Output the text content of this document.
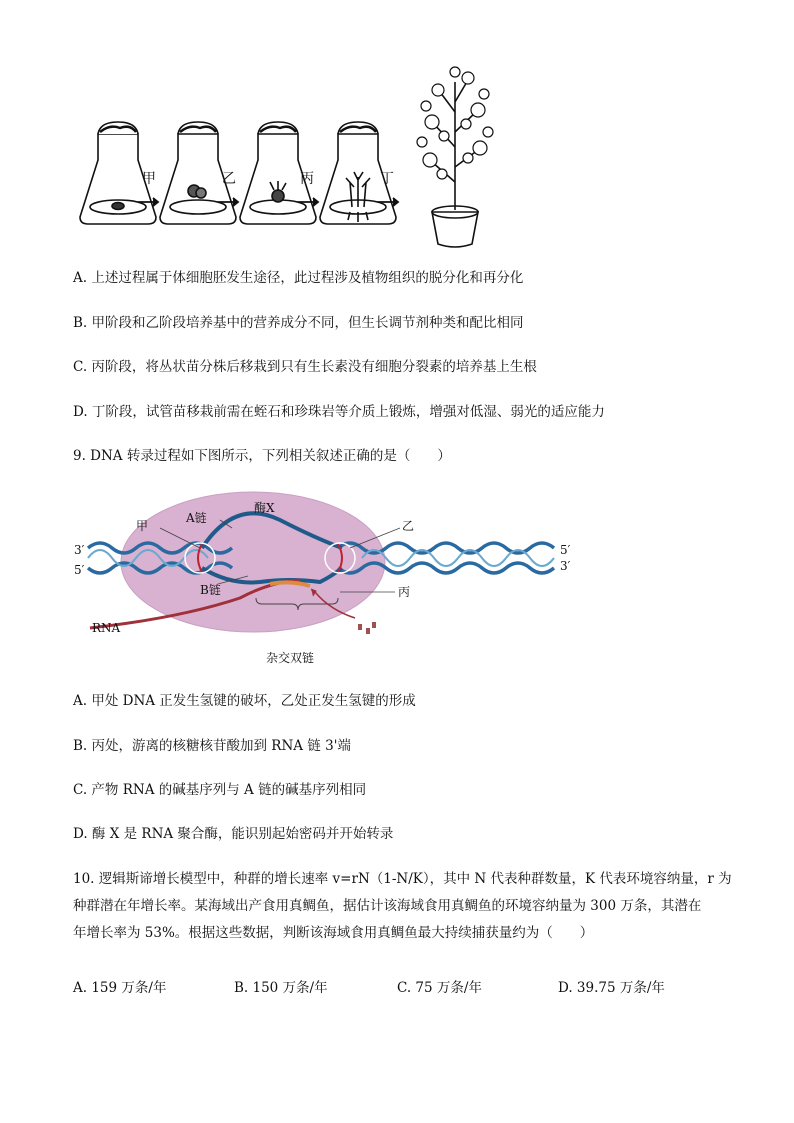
甲	乙	丙	丁
A. 上述过程属于体细胞胚发生途径，此过程涉及植物组织的脱分化和再分化
B. 甲阶段和乙阶段培养基中的营养成分不同，但生长调节剂种类和配比相同
C. 丙阶段，将丛状苗分株后移栽到只有生长素没有细胞分裂素的培养基上生根
D. 丁阶段，试管苗移栽前需在蛭石和珍珠岩等介质上锻炼，增强对低湿、弱光的适应能力
9. DNA 转录过程如下图所示，下列相关叙述正确的是（　　）
酶X
A链
甲	乙
B链	丙
RNA
杂交双链
3′
5′
5′
3′
A. 甲处 DNA 正发生氢键的破坏，乙处正发生氢键的形成
B. 丙处，游离的核糖核苷酸加到 RNA 链 3'端
C. 产物 RNA 的碱基序列与 A 链的碱基序列相同
D. 酶 X 是 RNA 聚合酶，能识别起始密码并开始转录
10. 逻辑斯谛增长模型中，种群的增长速率 v=rN（1-N/K），其中 N 代表种群数量，K 代表环境容纳量，r 为
种群潜在年增长率。某海域出产食用真鲷鱼，据估计该海域食用真鲷鱼的环境容纳量为 300 万条，其潜在
年增长率为 53%。根据这些数据，判断该海域食用真鲷鱼最大持续捕获量约为（　　）
A. 159 万条/年	B. 150 万条/年	C. 75 万条/年	D. 39.75 万条/年
